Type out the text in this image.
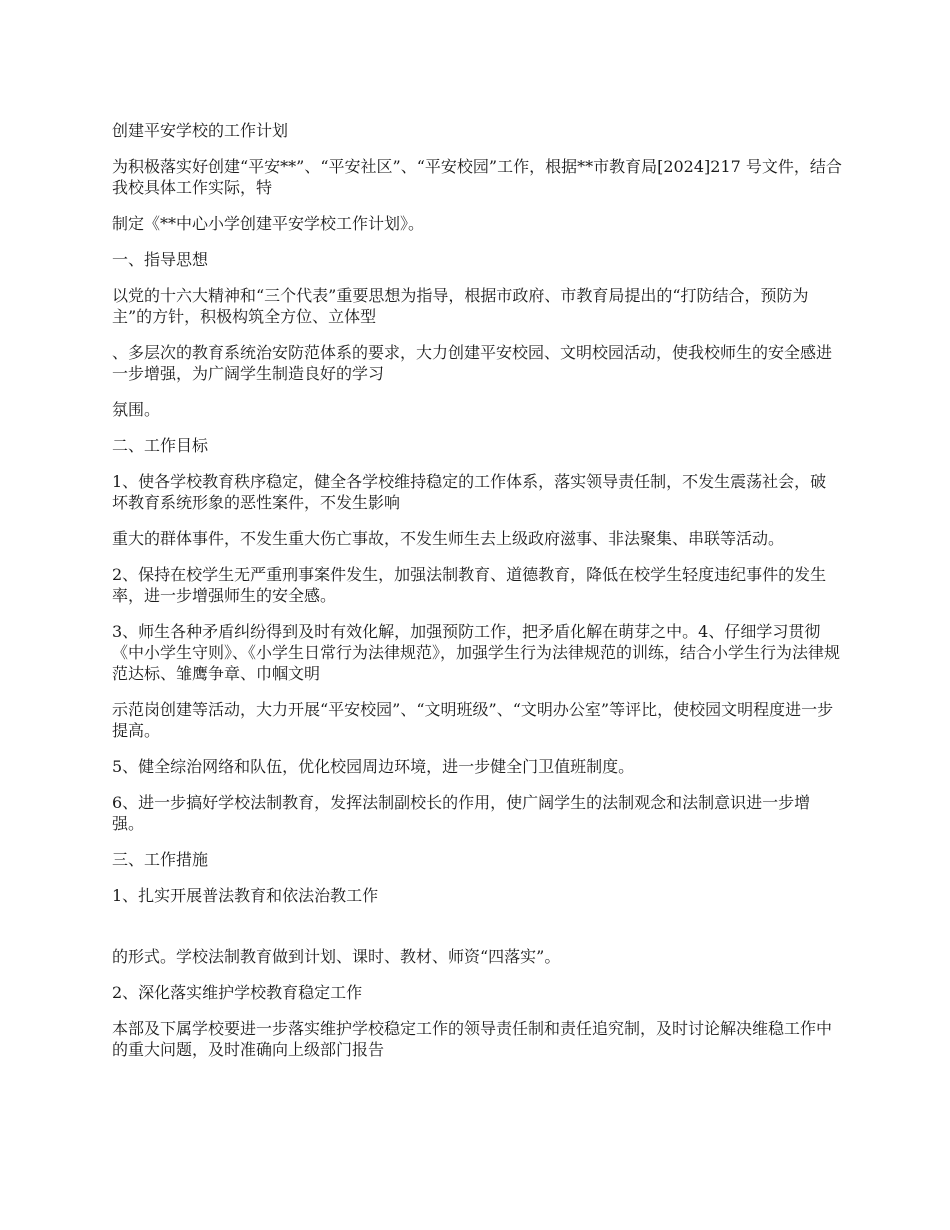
创建平安学校的工作计划

为积极落实好创建“平安**”、“平安社区”、“平安校园”工作，根据**市教育局[2024]217 号文件，结合我校具体工作实际，特

制定《**中心小学创建平安学校工作计划》。

一、指导思想

以党的十六大精神和“三个代表”重要思想为指导，根据市政府、市教育局提出的“打防结合，预防为主”的方针，积极构筑全方位、立体型

、多层次的教育系统治安防范体系的要求，大力创建平安校园、文明校园活动，使我校师生的安全感进一步增强，为广阔学生制造良好的学习

氛围。

二、工作目标

1、使各学校教育秩序稳定，健全各学校维持稳定的工作体系，落实领导责任制，不发生震荡社会，破坏教育系统形象的恶性案件，不发生影响

重大的群体事件，不发生重大伤亡事故，不发生师生去上级政府滋事、非法聚集、串联等活动。

2、保持在校学生无严重刑事案件发生，加强法制教育、道德教育，降低在校学生轻度违纪事件的发生率，进一步增强师生的安全感。

3、师生各种矛盾纠纷得到及时有效化解，加强预防工作，把矛盾化解在萌芽之中。4、仔细学习贯彻《中小学生守则》、《小学生日常行为法律规范》，加强学生行为法律规范的训练，结合小学生行为法律规范达标、雏鹰争章、巾帼文明

示范岗创建等活动，大力开展“平安校园”、“文明班级”、“文明办公室”等评比，使校园文明程度进一步提高。

5、健全综治网络和队伍，优化校园周边环境，进一步健全门卫值班制度。

6、进一步搞好学校法制教育，发挥法制副校长的作用，使广阔学生的法制观念和法制意识进一步增强。

三、工作措施

1、扎实开展普法教育和依法治教工作

的形式。学校法制教育做到计划、课时、教材、师资“四落实”。

2、深化落实维护学校教育稳定工作

本部及下属学校要进一步落实维护学校稳定工作的领导责任制和责任追究制，及时讨论解决维稳工作中的重大问题，及时准确向上级部门报告
